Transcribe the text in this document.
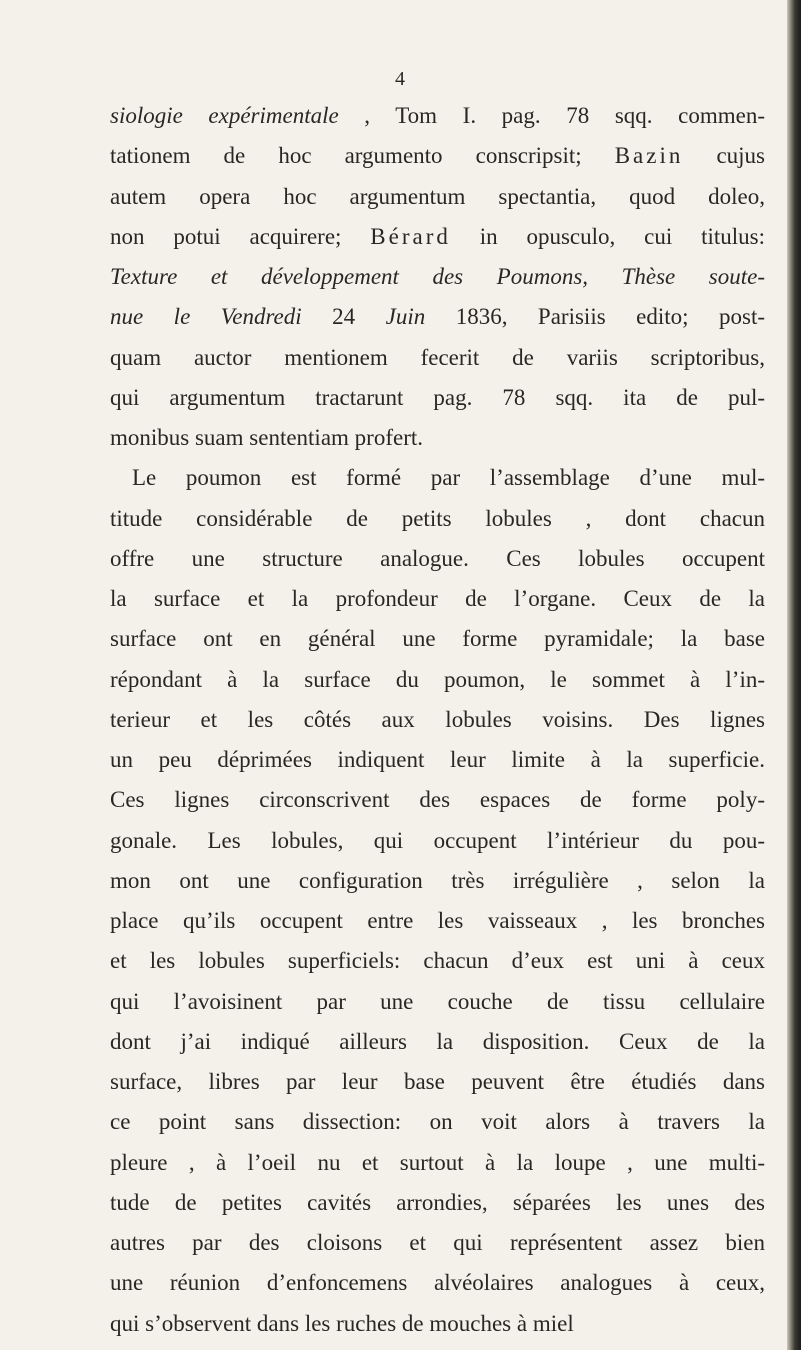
4
siologie expérimentale , Tom I. pag. 78 sqq. commen-
tationem de hoc argumento conscripsit; Bazin cujus
autem opera hoc argumentum spectantia, quod doleo,
non potui acquirere; Bérard in opusculo, cui titulus:
Texture et développement des Poumons, Thèse soute-
nue le Vendredi 24 Juin 1836, Parisiis edito; post-
quam auctor mentionem fecerit de variis scriptoribus,
qui argumentum tractarunt pag. 78 sqq. ita de pul-
monibus suam sententiam profert.
Le poumon est formé par l’assemblage d’une mul-
titude considérable de petits lobules , dont chacun
offre une structure analogue. Ces lobules occupent
la surface et la profondeur de l’organe. Ceux de la
surface ont en général une forme pyramidale; la base
répondant à la surface du poumon, le sommet à l’in-
terieur et les côtés aux lobules voisins. Des lignes
un peu déprimées indiquent leur limite à la superficie.
Ces lignes circonscrivent des espaces de forme poly-
gonale. Les lobules, qui occupent l’intérieur du pou-
mon ont une configuration très irrégulière , selon la
place qu’ils occupent entre les vaisseaux , les bronches
et les lobules superficiels: chacun d’eux est uni à ceux
qui l’avoisinent par une couche de tissu cellulaire
dont j’ai indiqué ailleurs la disposition. Ceux de la
surface, libres par leur base peuvent être étudiés dans
ce point sans dissection: on voit alors à travers la
pleure , à l’oeil nu et surtout à la loupe , une multi-
tude de petites cavités arrondies, séparées les unes des
autres par des cloisons et qui représentent assez bien
une réunion d’enfoncemens alvéolaires analogues à ceux,
qui s’observent dans les ruches de mouches à miel
